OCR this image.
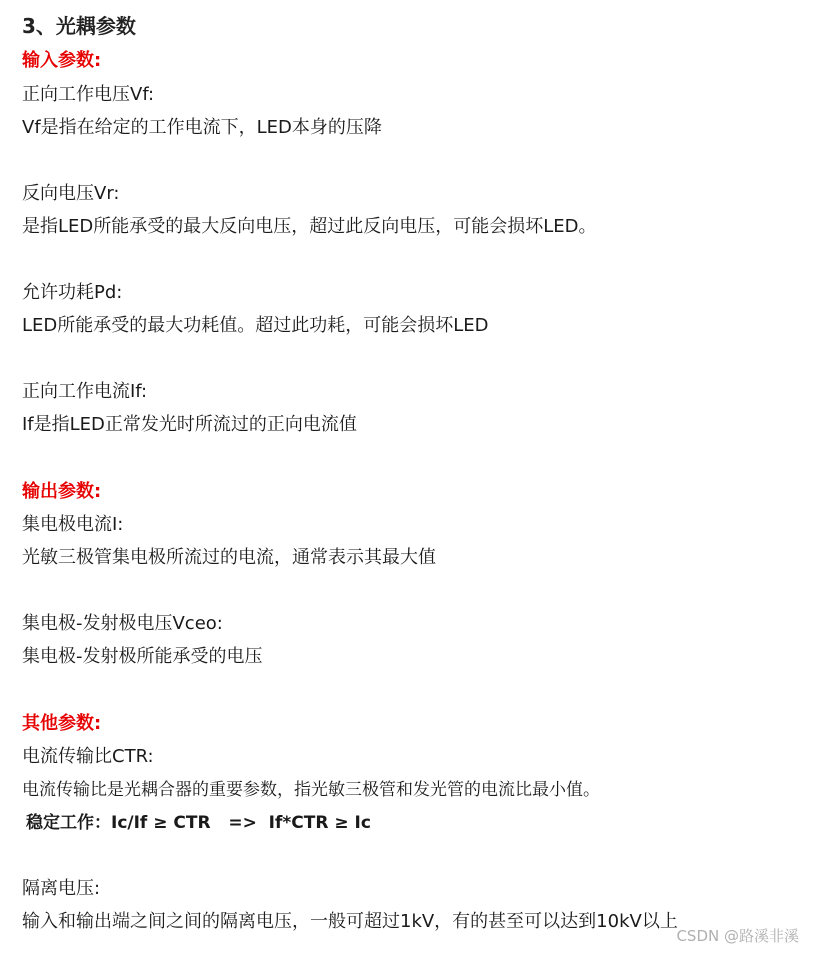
3、光耦参数
输入参数:
正向工作电压Vf:
Vf是指在给定的工作电流下，LED本身的压降
反向电压Vr:
是指LED所能承受的最大反向电压，超过此反向电压，可能会损坏LED。
允许功耗Pd:
LED所能承受的最大功耗值。超过此功耗，可能会损坏LED
正向工作电流If:
If是指LED正常发光时所流过的正向电流值
输出参数:
集电极电流I:
光敏三极管集电极所流过的电流，通常表示其最大值
集电极-发射极电压Vceo:
集电极-发射极所能承受的电压
其他参数:
电流传输比CTR:
电流传输比是光耦合器的重要参数，指光敏三极管和发光管的电流比最小值。
稳定工作：Ic/If ≥ CTR   =>  If*CTR ≥ Ic
隔离电压:
输入和输出端之间之间的隔离电压，一般可超过1kV，有的甚至可以达到10kV以上
CSDN @路溪非溪
